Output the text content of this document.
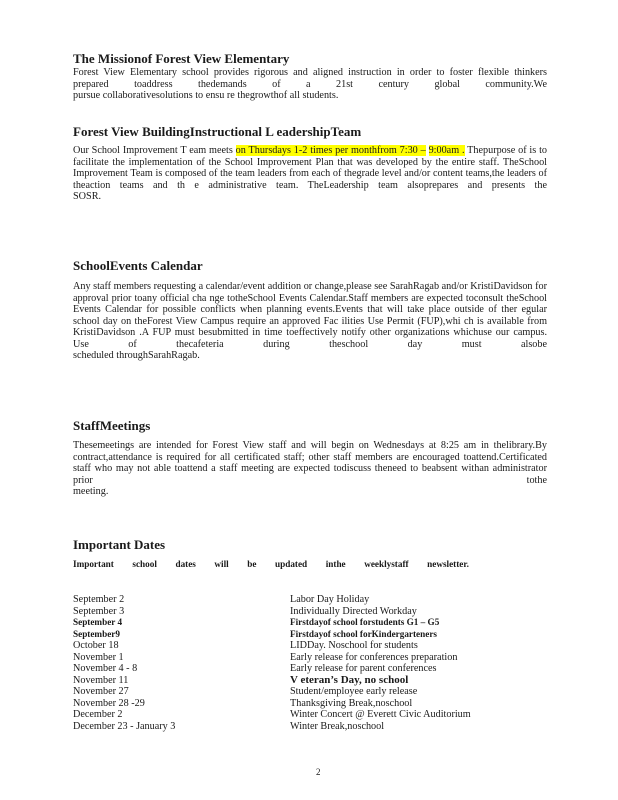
The Missionof Forest View Elementary
Forest View Elementary school provides rigorous and aligned instruction in order to foster flexible thinkers prepared toaddress thedemands of a 21st century global community.We
pursue collaborativesolutions to ensu re thegrowthof all students.
Forest View BuildingInstructional L eadershipTeam
Our School Improvement T eam meets on Thursdays 1-2 times per monthfrom 7:30 – 9:00am . Thepurpose of is to facilitate the implementation of the School Improvement Plan that was developed by the entire staff. TheSchool Improvement Team is composed of the team leaders from each of thegrade level and/or content teams,the leaders of theaction teams and th e administrative team. TheLeadership team alsoprepares and presents the
SOSR.
SchoolEvents Calendar
Any staff members requesting a calendar/event addition or change,please see SarahRagab and/or KristiDavidson for approval prior toany official cha nge totheSchool Events Calendar.Staff members are expected toconsult theSchool Events Calendar for possible conflicts when planning events.Events that will take place outside of ther egular school day on theForest View Campus require an approved Fac ilities Use Permit (FUP),whi ch is available from KristiDavidson .A FUP must besubmitted in time toeffectively notify other organizations whichuse our campus. Use of thecafeteria during theschool day must alsobe
scheduled throughSarahRagab.
StaffMeetings
Thesemeetings are intended for Forest View staff and will begin on Wednesdays at 8:25 am in thelibrary.By contract,attendance is required for all certificated staff; other staff members are encouraged toattend.Certificated staff who may not able toattend a staff meeting are expected todiscuss theneed to beabsent withan administrator prior tothe
meeting.
Important Dates
Important school dates will be updated inthe weeklystaff newsletter.
September 2	Labor Day Holiday
September 3	Individually Directed Workday
September 4	Firstdayof school forstudents G1 – G5
September9	Firstdayof school forKindergarteners
October 18	LIDDay. Noschool for students
November 1	Early release for conferences preparation
November 4 - 8	Early release for parent conferences
November 11	V eteran’s Day, no school
November 27	Student/employee early release
November 28 -29	Thanksgiving Break,noschool
December 2	Winter Concert @ Everett Civic Auditorium
December 23 - January 3	Winter Break,noschool
2
